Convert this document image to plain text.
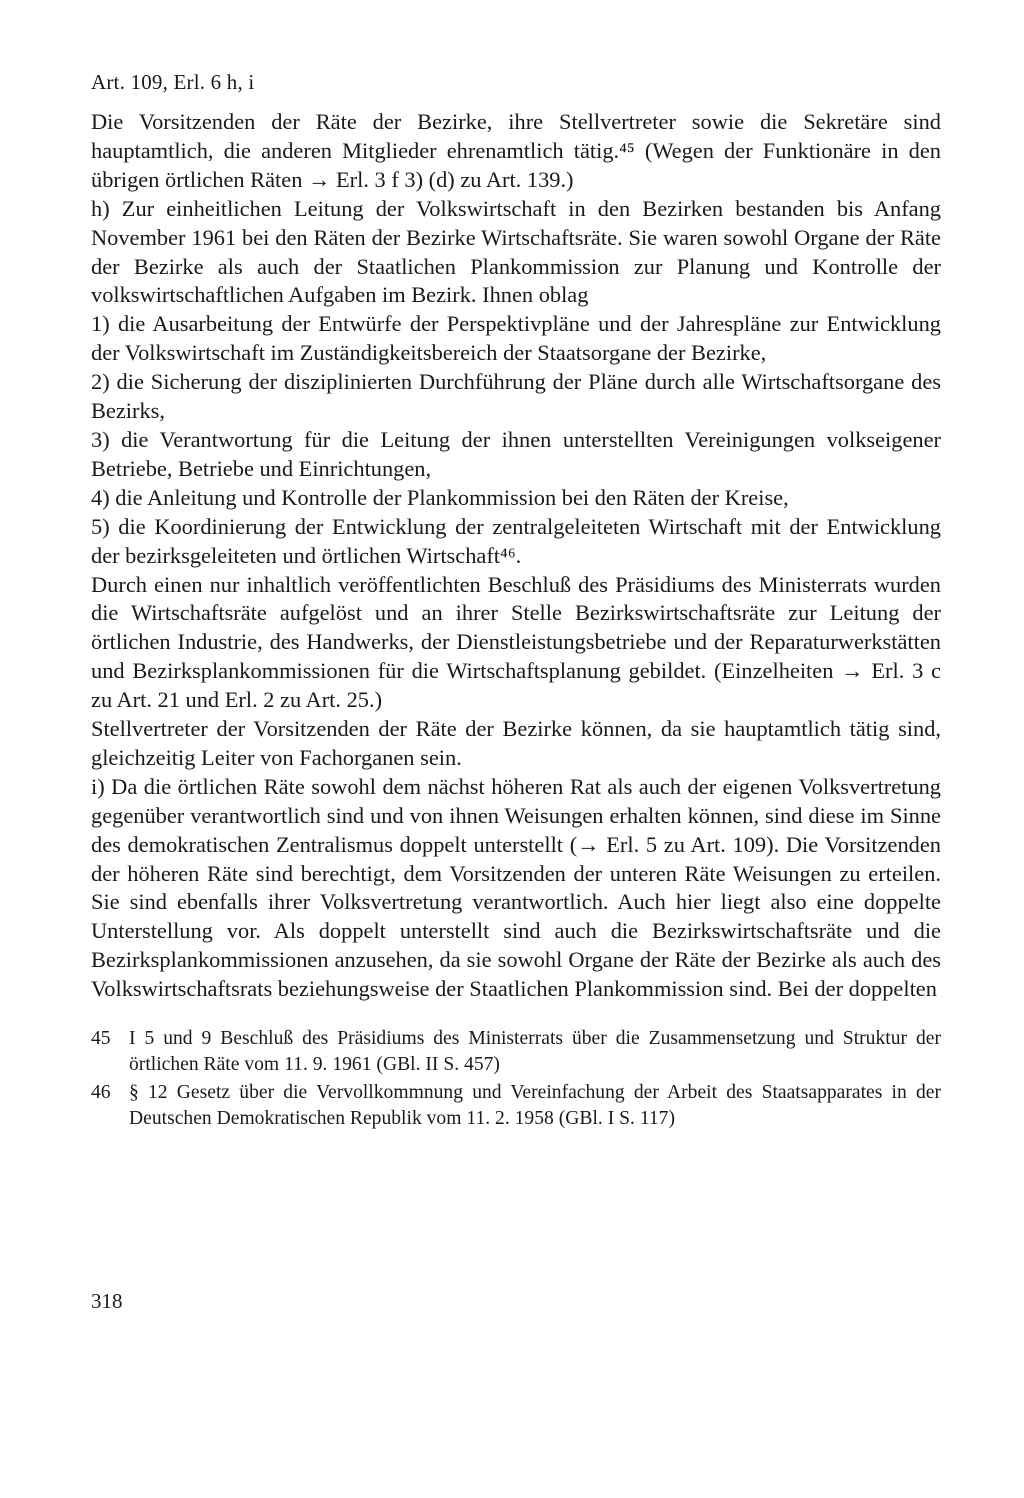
Art. 109, Erl. 6 h, i

Die Vorsitzenden der Räte der Bezirke, ihre Stellvertreter sowie die Sekretäre sind hauptamtlich, die anderen Mitglieder ehrenamtlich tätig.⁴⁵ (Wegen der Funktionäre in den übrigen örtlichen Räten → Erl. 3 f 3) (d) zu Art. 139.)

h) Zur einheitlichen Leitung der Volkswirtschaft in den Bezirken bestanden bis Anfang November 1961 bei den Räten der Bezirke Wirtschaftsräte. Sie waren sowohl Organe der Räte der Bezirke als auch der Staatlichen Plankommission zur Planung und Kontrolle der volkswirtschaftlichen Aufgaben im Bezirk. Ihnen oblag

1) die Ausarbeitung der Entwürfe der Perspektivpläne und der Jahrespläne zur Entwicklung der Volkswirtschaft im Zuständigkeitsbereich der Staatsorgane der Bezirke,

2) die Sicherung der disziplinierten Durchführung der Pläne durch alle Wirtschaftsorgane des Bezirks,

3) die Verantwortung für die Leitung der ihnen unterstellten Vereinigungen volkseigener Betriebe, Betriebe und Einrichtungen,

4) die Anleitung und Kontrolle der Plankommission bei den Räten der Kreise,

5) die Koordinierung der Entwicklung der zentralgeleiteten Wirtschaft mit der Entwicklung der bezirksgeleiteten und örtlichen Wirtschaft⁴⁶.

Durch einen nur inhaltlich veröffentlichten Beschluß des Präsidiums des Ministerrats wurden die Wirtschaftsräte aufgelöst und an ihrer Stelle Bezirkswirtschaftsräte zur Leitung der örtlichen Industrie, des Handwerks, der Dienstleistungsbetriebe und der Reparaturwerkstätten und Bezirksplankommissionen für die Wirtschaftsplanung gebildet. (Einzelheiten → Erl. 3 c zu Art. 21 und Erl. 2 zu Art. 25.)

Stellvertreter der Vorsitzenden der Räte der Bezirke können, da sie hauptamtlich tätig sind, gleichzeitig Leiter von Fachorganen sein.

i) Da die örtlichen Räte sowohl dem nächst höheren Rat als auch der eigenen Volksvertretung gegenüber verantwortlich sind und von ihnen Weisungen erhalten können, sind diese im Sinne des demokratischen Zentralismus doppelt unterstellt (→ Erl. 5 zu Art. 109). Die Vorsitzenden der höheren Räte sind berechtigt, dem Vorsitzenden der unteren Räte Weisungen zu erteilen. Sie sind ebenfalls ihrer Volksvertretung verantwortlich. Auch hier liegt also eine doppelte Unterstellung vor. Als doppelt unterstellt sind auch die Bezirkswirtschaftsräte und die Bezirksplankommissionen anzusehen, da sie sowohl Organe der Räte der Bezirke als auch des Volkswirtschaftsrats beziehungsweise der Staatlichen Plankommission sind. Bei der doppelten

45 I 5 und 9 Beschluß des Präsidiums des Ministerrats über die Zusammensetzung und Struktur der örtlichen Räte vom 11. 9. 1961 (GBl. II S. 457)
46 § 12 Gesetz über die Vervollkommnung und Vereinfachung der Arbeit des Staatsapparates in der Deutschen Demokratischen Republik vom 11. 2. 1958 (GBl. I S. 117)
318
